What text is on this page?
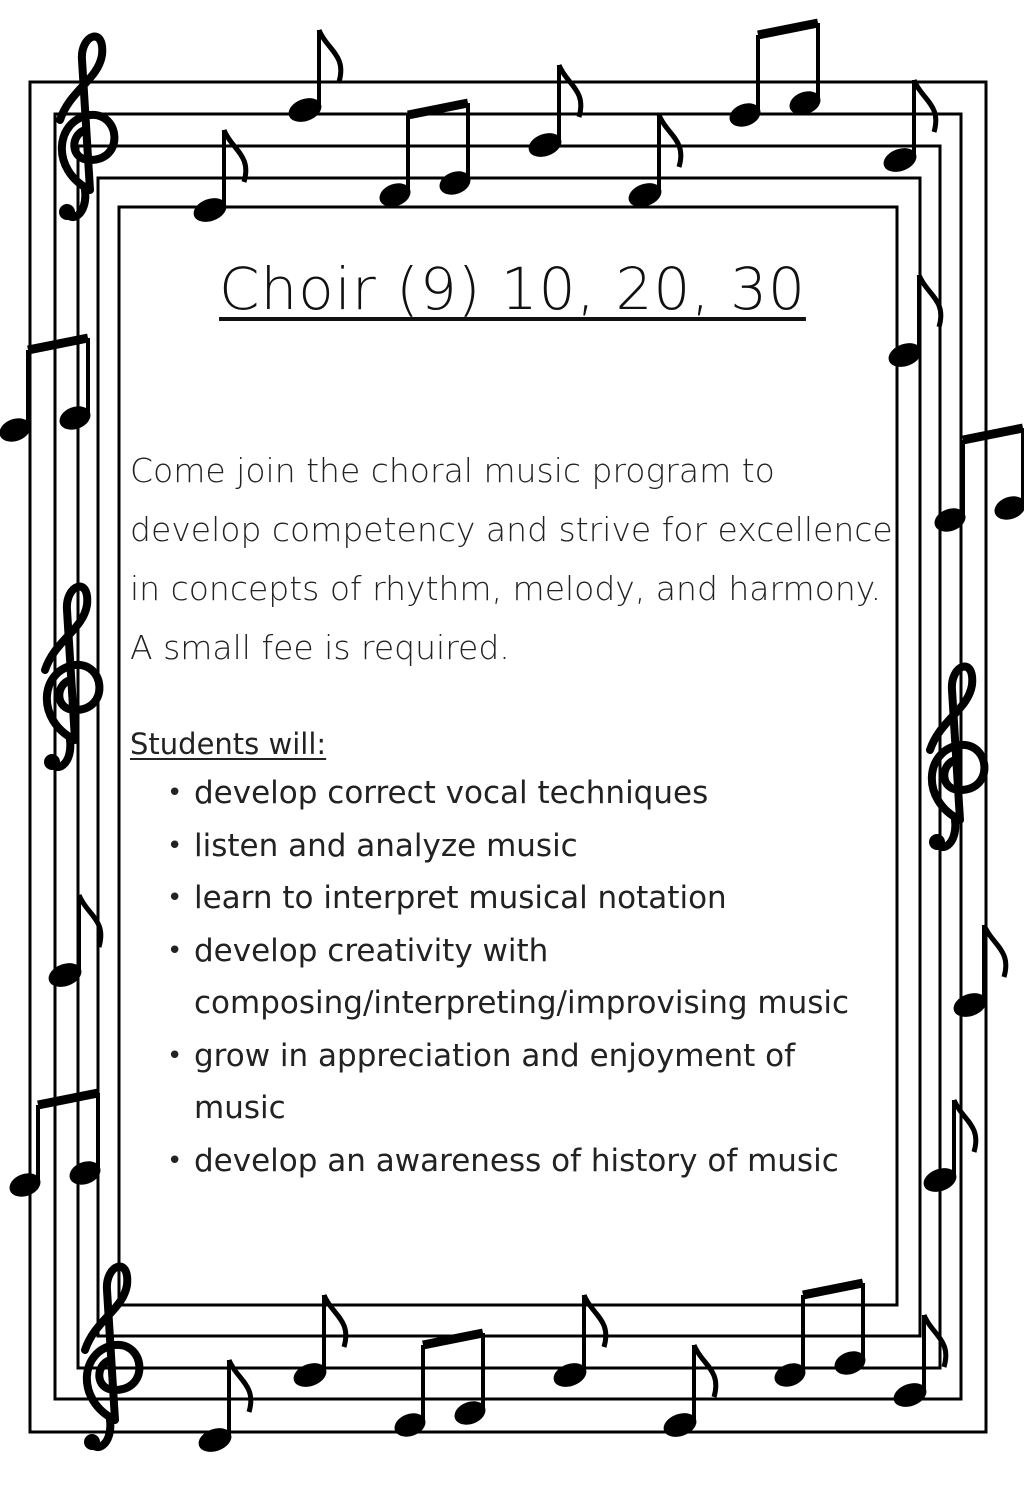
Choir (9) 10, 20, 30
Come join the choral music program to develop competency and strive for excellence in concepts of rhythm, melody, and harmony. A small fee is required.
Students will:
• develop correct vocal techniques
• listen and analyze music
• learn to interpret musical notation
• develop creativity with composing/interpreting/improvising music
• grow in appreciation and enjoyment of music
• develop an awareness of history of music
